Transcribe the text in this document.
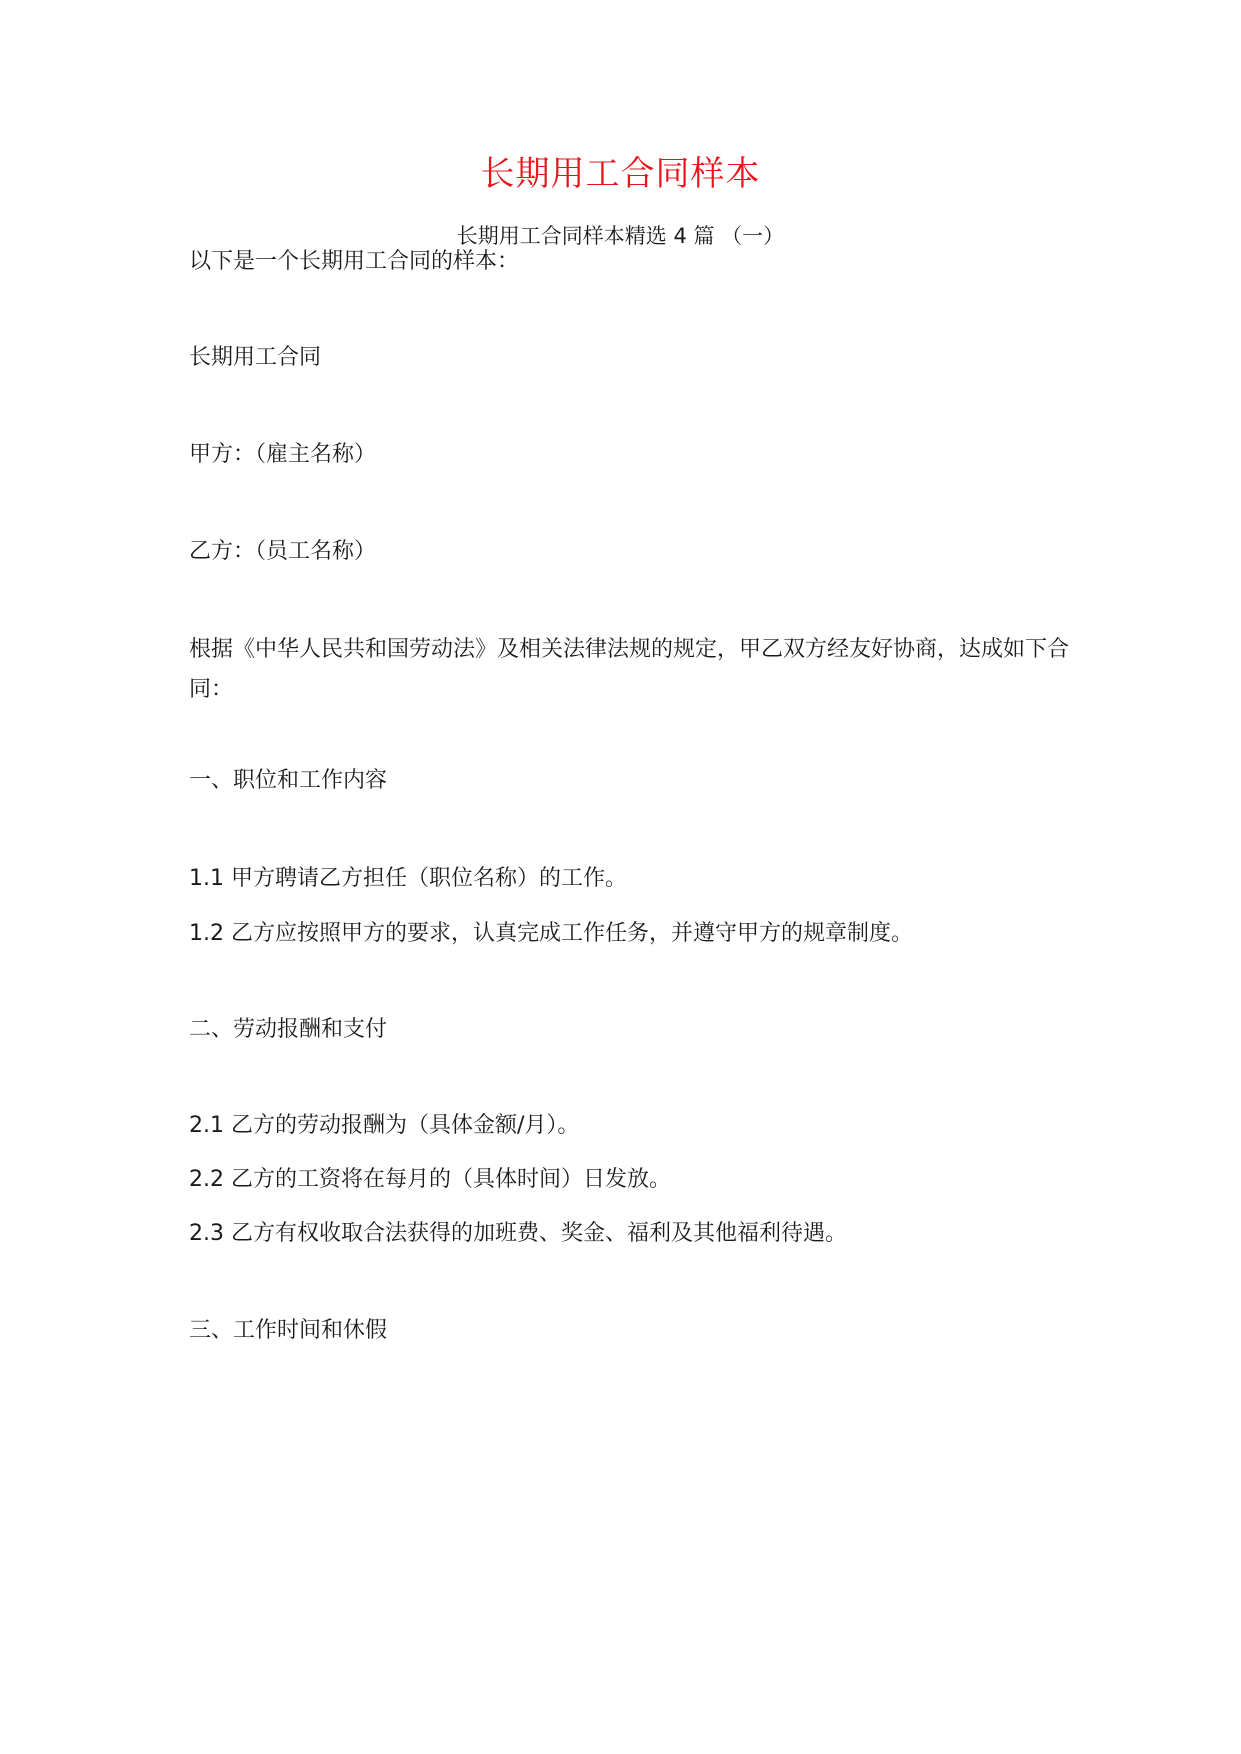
长期用工合同样本
长期用工合同样本精选 4 篇 （一）
以下是一个长期用工合同的样本：
长期用工合同
甲方：（雇主名称）
乙方：（员工名称）
根据《中华人民共和国劳动法》及相关法律法规的规定，甲乙双方经友好协商，达成如下合同：
一、职位和工作内容
1.1 甲方聘请乙方担任（职位名称）的工作。
1.2 乙方应按照甲方的要求，认真完成工作任务，并遵守甲方的规章制度。
二、劳动报酬和支付
2.1 乙方的劳动报酬为（具体金额/月）。
2.2 乙方的工资将在每月的（具体时间）日发放。
2.3 乙方有权收取合法获得的加班费、奖金、福利及其他福利待遇。
三、工作时间和休假
